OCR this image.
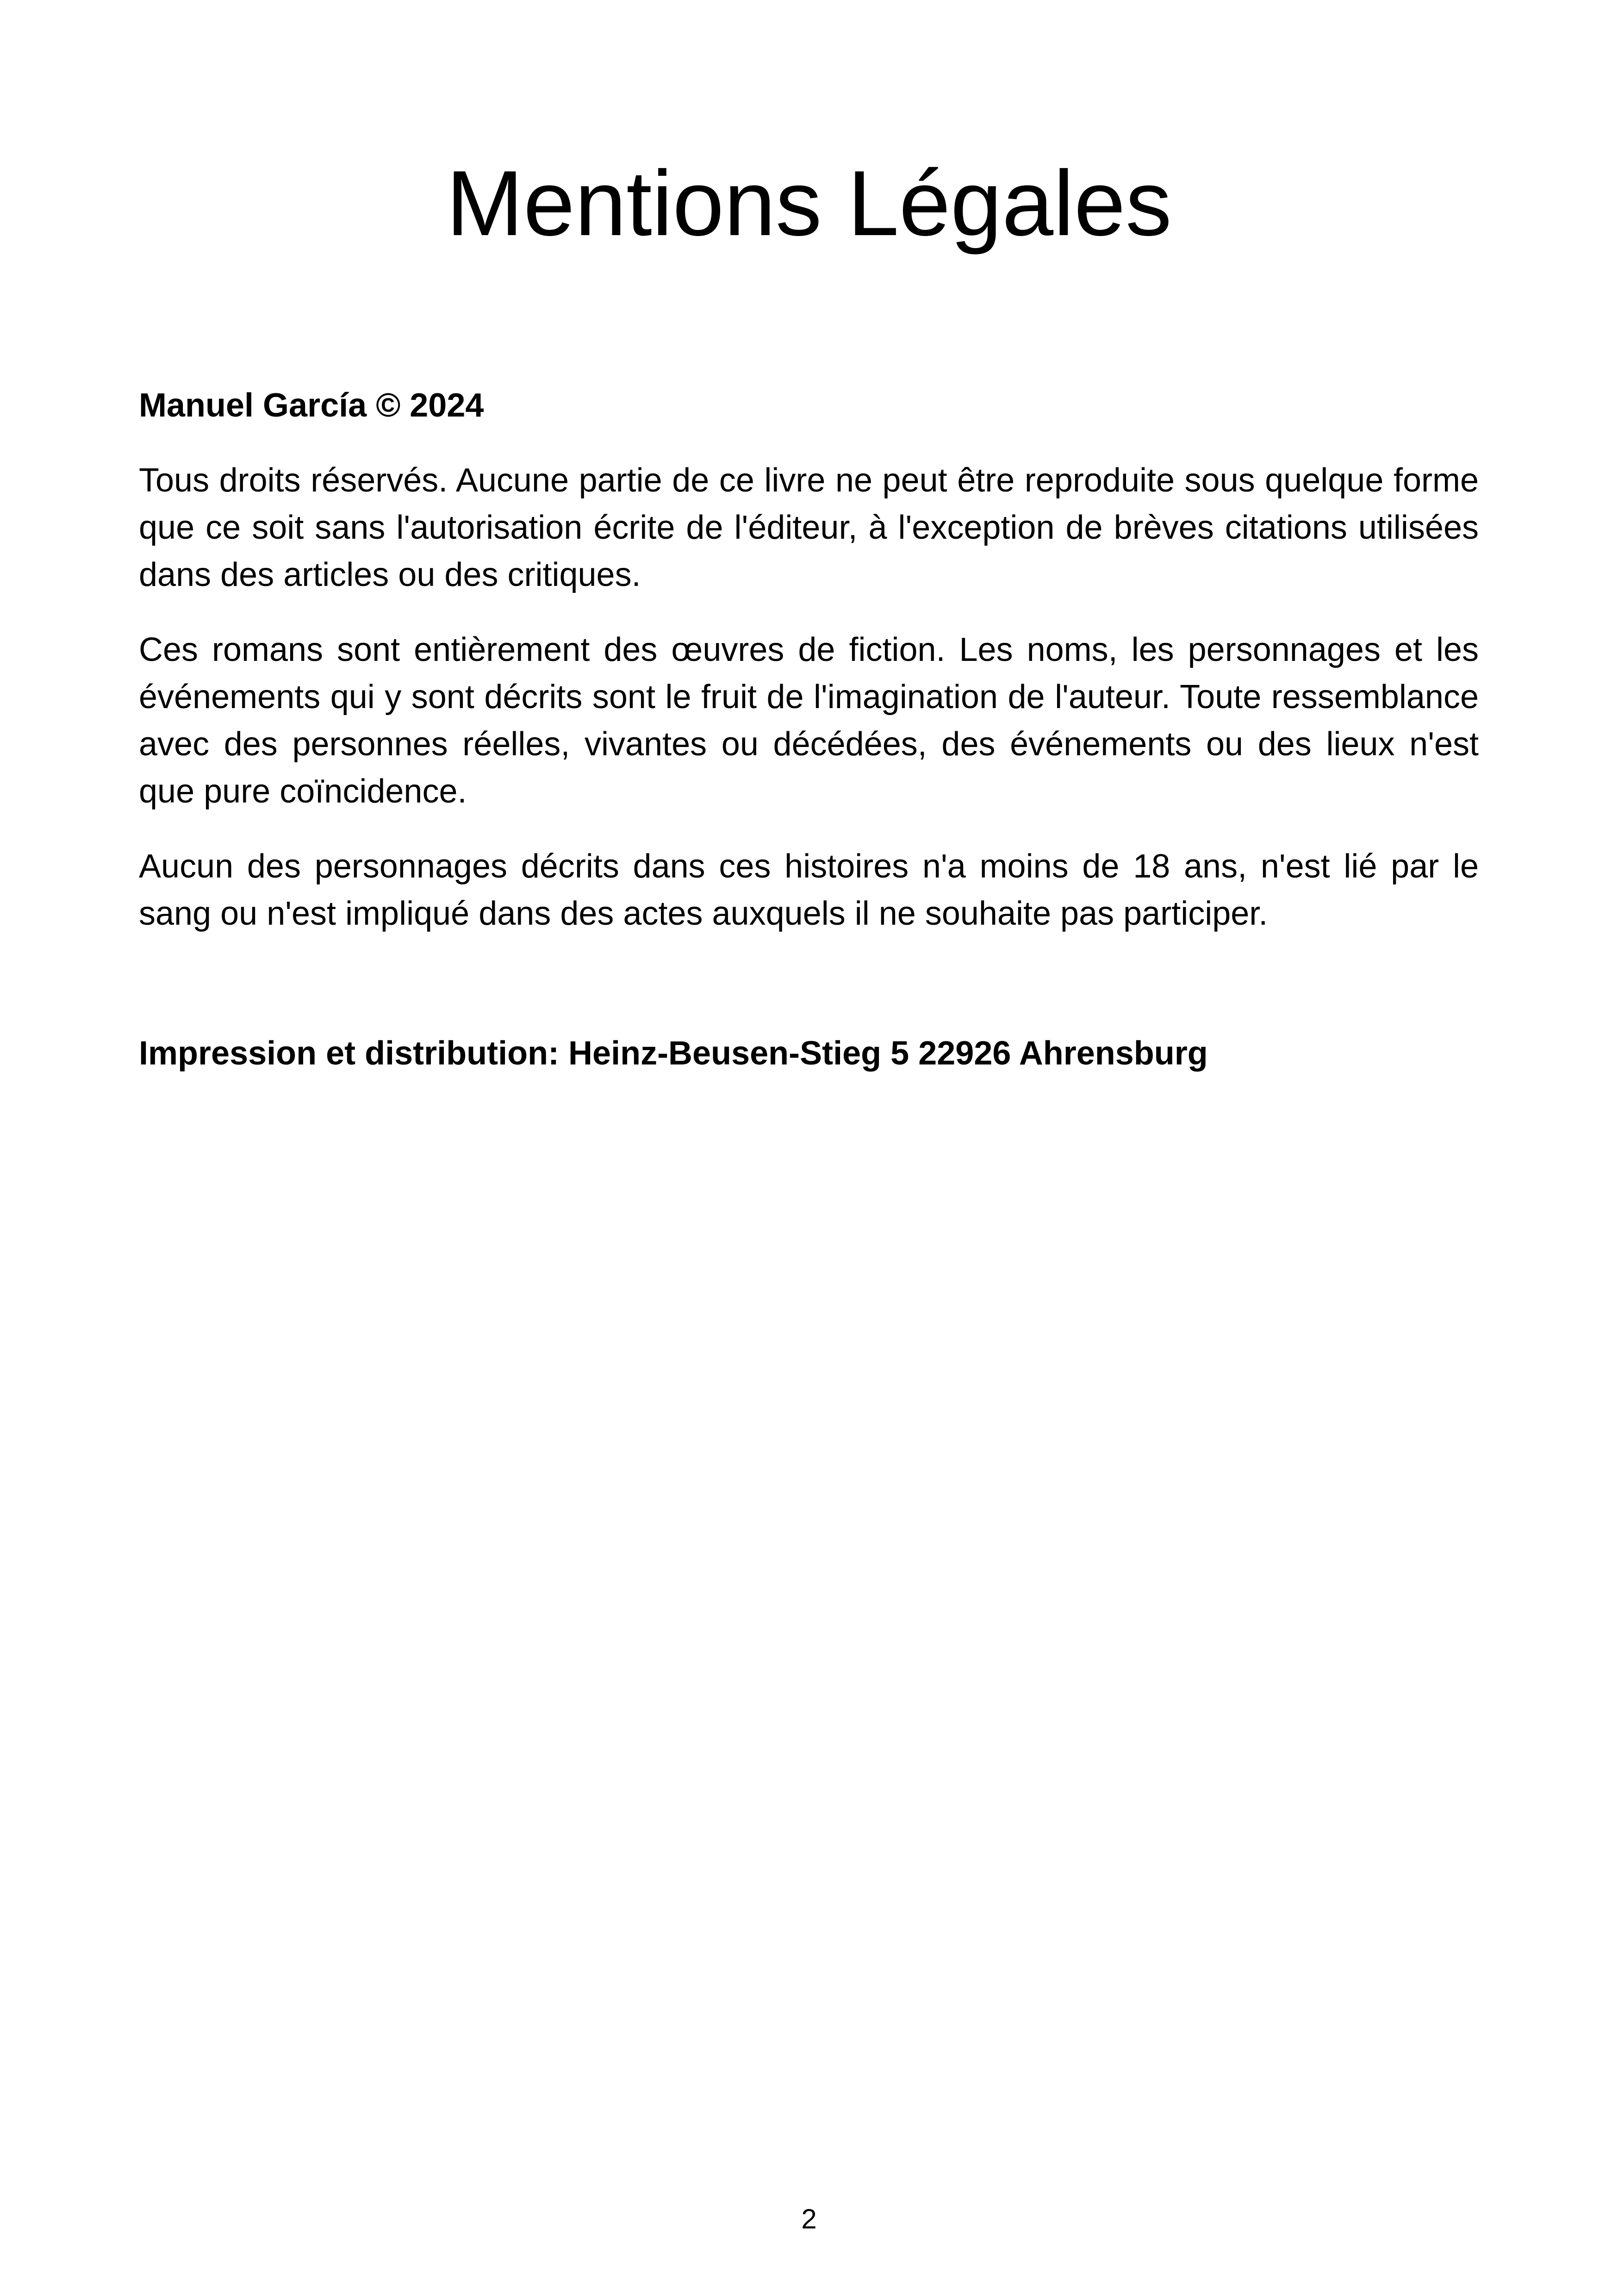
Mentions Légales

Manuel García © 2024

Tous droits réservés. Aucune partie de ce livre ne peut être reproduite sous quelque forme que ce soit sans l'autorisation écrite de l'éditeur, à l'exception de brèves citations utilisées dans des articles ou des critiques.

Ces romans sont entièrement des œuvres de fiction. Les noms, les personnages et les événements qui y sont décrits sont le fruit de l'imagination de l'auteur. Toute ressemblance avec des personnes réelles, vivantes ou décédées, des événements ou des lieux n'est que pure coïncidence.

Aucun des personnages décrits dans ces histoires n'a moins de 18 ans, n'est lié par le sang ou n'est impliqué dans des actes auxquels il ne souhaite pas participer.

Impression et distribution: Heinz-Beusen-Stieg 5 22926 Ahrensburg

2
